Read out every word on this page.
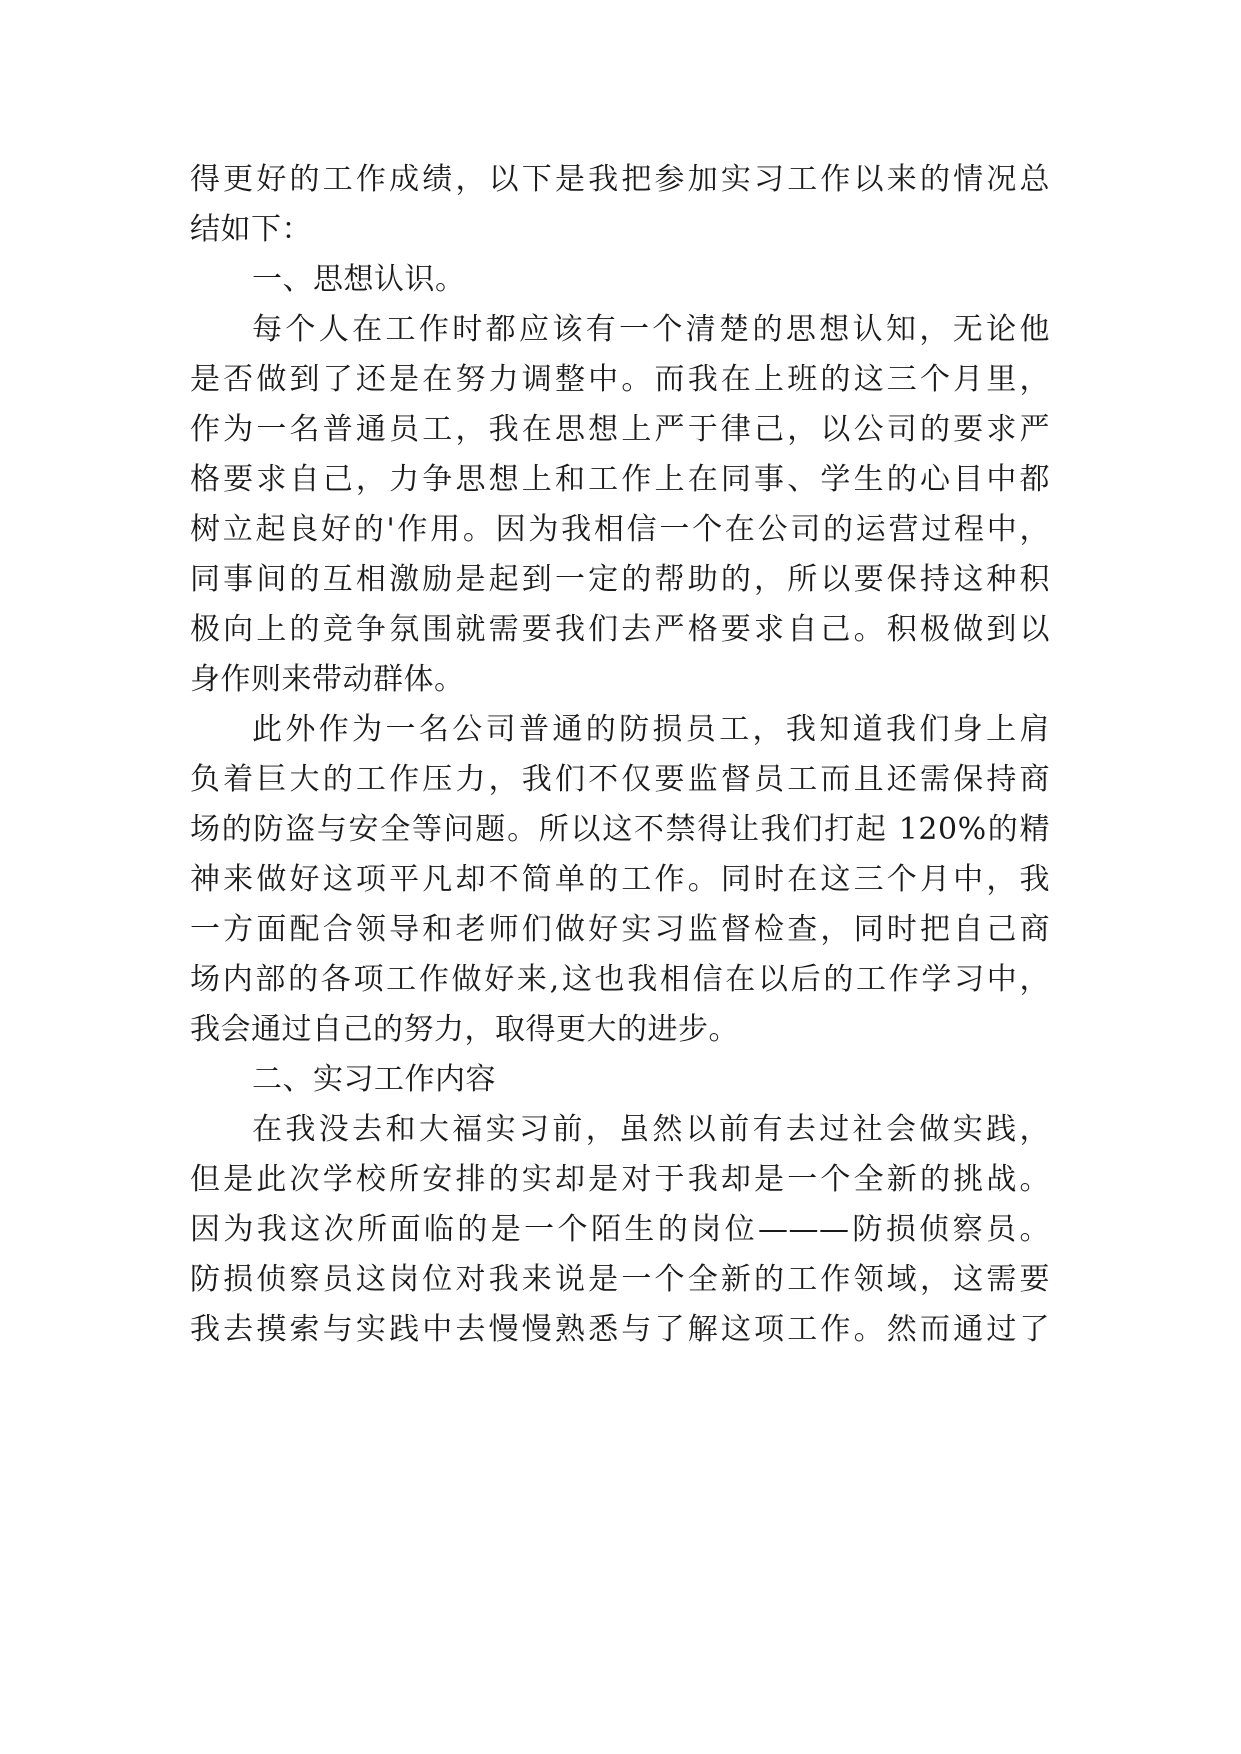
得更好的工作成绩，以下是我把参加实习工作以来的情况总
结如下：
一、思想认识。
每个人在工作时都应该有一个清楚的思想认知，无论他
是否做到了还是在努力调整中。而我在上班的这三个月里，
作为一名普通员工，我在思想上严于律己，以公司的要求严
格要求自己，力争思想上和工作上在同事、学生的心目中都
树立起良好的'作用。因为我相信一个在公司的运营过程中，
同事间的互相激励是起到一定的帮助的，所以要保持这种积
极向上的竞争氛围就需要我们去严格要求自己。积极做到以
身作则来带动群体。
此外作为一名公司普通的防损员工，我知道我们身上肩
负着巨大的工作压力，我们不仅要监督员工而且还需保持商
场的防盗与安全等问题。所以这不禁得让我们打起 120%的精
神来做好这项平凡却不简单的工作。同时在这三个月中，我
一方面配合领导和老师们做好实习监督检查，同时把自己商
场内部的各项工作做好来,这也我相信在以后的工作学习中，
我会通过自己的努力，取得更大的进步。
二、实习工作内容
在我没去和大福实习前，虽然以前有去过社会做实践，
但是此次学校所安排的实却是对于我却是一个全新的挑战。
因为我这次所面临的是一个陌生的岗位———防损侦察员。
防损侦察员这岗位对我来说是一个全新的工作领域，这需要
我去摸索与实践中去慢慢熟悉与了解这项工作。然而通过了
